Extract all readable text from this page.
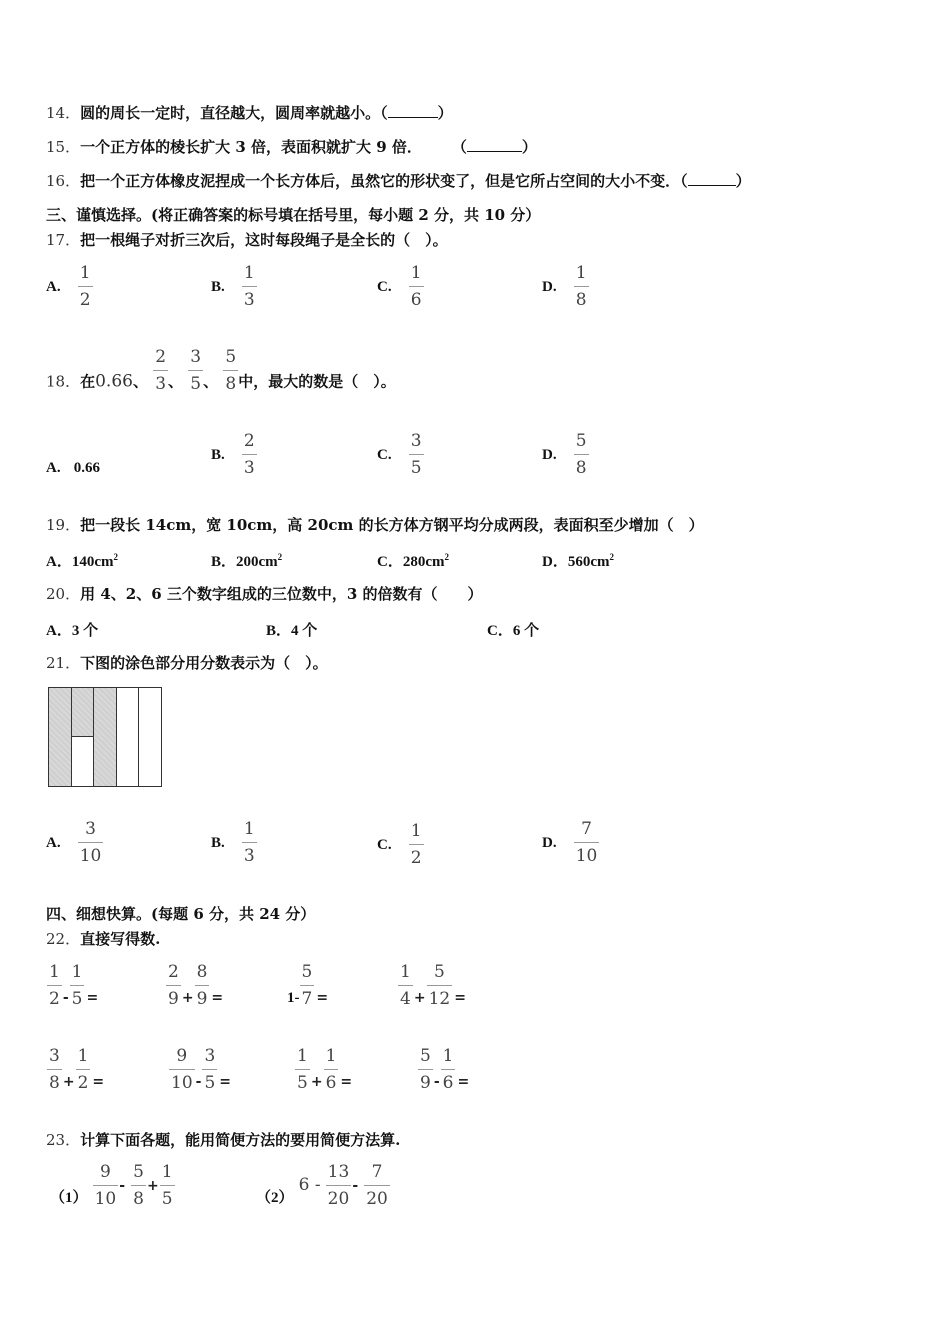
14．圆的周长一定时，直径越大，圆周率就越小。（	）
15．一个正方体的棱长扩大 3 倍，表面积就扩大 9 倍． （	）
16．把一个正方体橡皮泥捏成一个长方体后，虽然它的形状变了，但是它所占空间的大小不变．（	）
三、谨慎选择。(将正确答案的标号填在括号里，每小题 2 分，共 10 分）
17．把一根绳子对折三次后，这时每段绳子是全长的（　）。
A. $\frac{1}{2}$	B. $\frac{1}{3}$	C. $\frac{1}{6}$	D. $\frac{1}{8}$
18．在0.66、 $\frac{2}{3}$ 、 $\frac{3}{5}$ 、 $\frac{5}{8}$ 中，最大的数是（　）。
A. 0.66
B. $\frac{2}{3}$	C. $\frac{3}{5}$	D. $\frac{5}{8}$
19．把一段长 14cm，宽 10cm，高 20cm 的长方体方钢平均分成两段，表面积至少增加（　）
A．$140cm^2$	B．$200cm^2$	C．$280cm^2$	D．$560cm^2$
20．用 4、2、6 三个数字组成的三位数中，3 的倍数有（　　）
A．3 个	B．4 个	C．6 个
21．下图的涂色部分用分数表示为（　）。
A. $\frac{3}{10}$	B. $\frac{1}{3}$	C. $\frac{1}{2}$	D. $\frac{7}{10}$
四、细想快算。(每题 6 分，共 24 分）
22．直接写得数.
$\frac{1}{2} - \frac{1}{5}$ =	$\frac{2}{9} + \frac{8}{9}$ =	$1- \frac{5}{7}$ =	$\frac{1}{4} + \frac{5}{12}$ =
$\frac{3}{8} + \frac{1}{2}$ =	$\frac{9}{10} - \frac{3}{5}$ =	$\frac{1}{5} + \frac{1}{6}$ =	$\frac{5}{9} - \frac{1}{6}$ =
23．计算下面各题，能用简便方法的要用简便方法算.
$(1) \frac{9}{10} - \frac{5}{8} + \frac{1}{5}$	（2） $6 - \frac{13}{20} - \frac{7}{20}$
